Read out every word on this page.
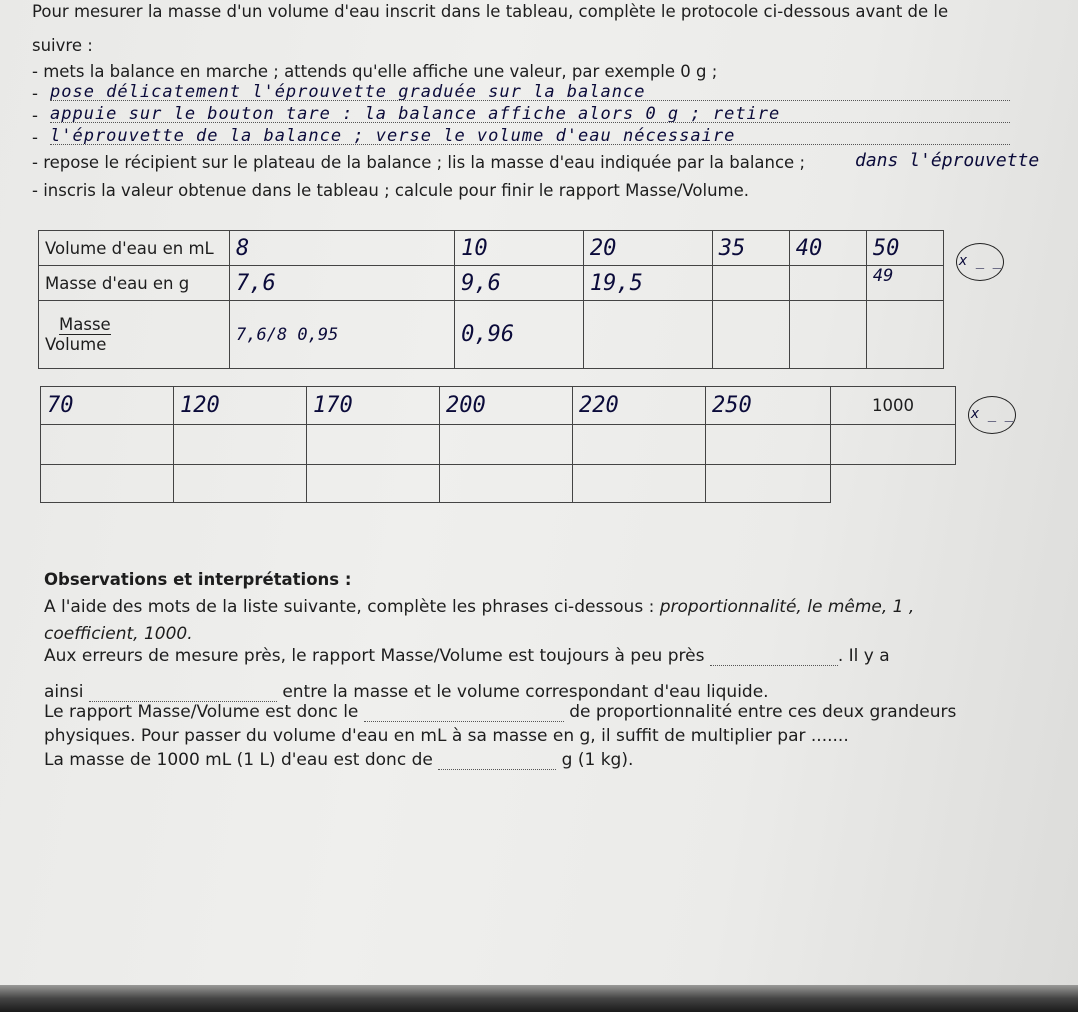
Pour mesurer la masse d'un volume d'eau inscrit dans le tableau, complète le protocole ci-dessous avant de le
suivre :
- mets la balance en marche ; attends qu'elle affiche une valeur, par exemple 0 g ;
- pose délicatement l'éprouvette graduée sur la balance
- appuie sur le bouton tare : la balance affiche alors 0 g ; retire
- l'éprouvette de la balance ; verse le volume d'eau nécessaire
- repose le récipient sur le plateau de la balance ; lis la masse d'eau indiquée par la balance ;	dans l'éprouvette
- inscris la valeur obtenue dans le tableau ; calcule pour finir le rapport Masse/Volume.
Volume d'eau en mL	8	10	20	35	40	50
Masse d'eau en g	7,6	9,6	19,5			49
Masse
Volume	7,6/8 0,95	0,96				
x _ _
70	120	170	200	220	250	1000

							x _ _
Observations et interprétations :
A l'aide des mots de la liste suivante, complète les phrases ci-dessous : proportionnalité, le même, 1 ,
coefficient, 1000.
Aux erreurs de mesure près, le rapport Masse/Volume est toujours à peu près	. Il y a
ainsi	entre la masse et le volume correspondant d'eau liquide.
Le rapport Masse/Volume est donc le	de proportionnalité entre ces deux grandeurs
physiques. Pour passer du volume d'eau en mL à sa masse en g, il suffit de multiplier par .......
La masse de 1000 mL (1 L) d'eau est donc de	g (1 kg).
